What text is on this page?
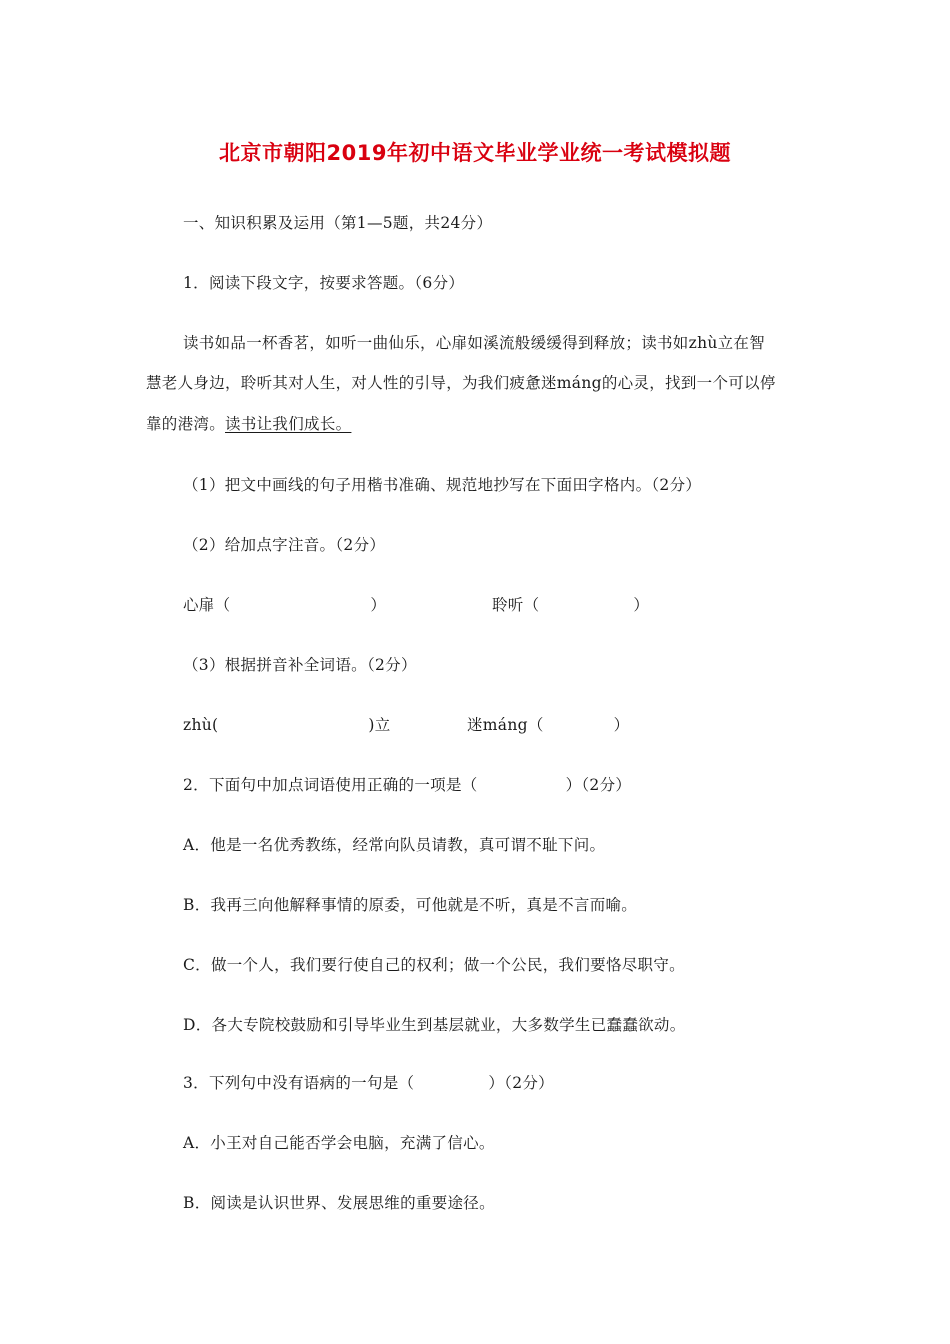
北京市朝阳2019年初中语文毕业学业统一考试模拟题
一、知识积累及运用（第1—5题，共24分）
1．阅读下段文字，按要求答题。（6分）
读书如品一杯香茗，如听一曲仙乐，心扉如溪流般缓缓得到释放；读书如zhù立在智
慧老人身边，聆听其对人生，对人性的引导，为我们疲惫迷máng的心灵，找到一个可以停
靠的港湾。读书让我们成长。
（1）把文中画线的句子用楷书准确、规范地抄写在下面田字格内。（2分）
（2）给加点字注音。（2分）
心扉（	）	聆听（	）
（3）根据拼音补全词语。（2分）
zhù(	)立	迷máng（	）
2．下面句中加点词语使用正确的一项是（	）（2分）
A．他是一名优秀教练，经常向队员请教，真可谓不耻下问。
B．我再三向他解释事情的原委，可他就是不听，真是不言而喻。
C．做一个人，我们要行使自己的权利；做一个公民，我们要恪尽职守。
D．各大专院校鼓励和引导毕业生到基层就业，大多数学生已蠢蠢欲动。
3．下列句中没有语病的一句是（	）（2分）
A．小王对自己能否学会电脑，充满了信心。
B．阅读是认识世界、发展思维的重要途径。
